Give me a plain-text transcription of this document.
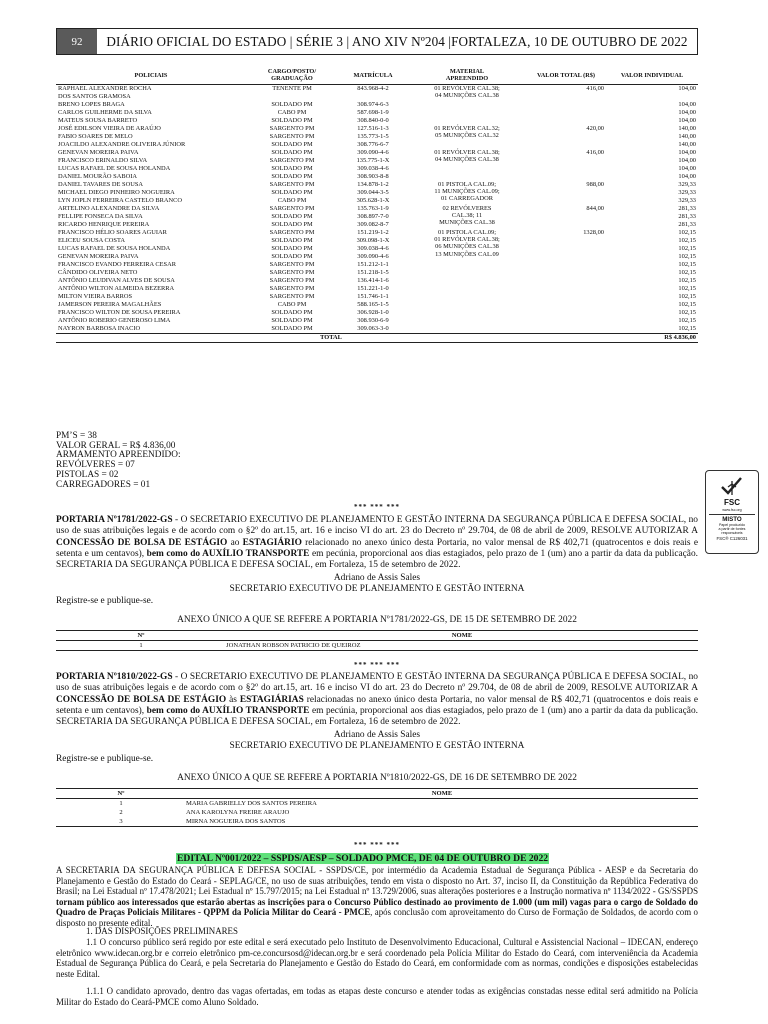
92	DIÁRIO OFICIAL DO ESTADO | SÉRIE 3 | ANO XIV Nº204 |FORTALEZA, 10 DE OUTUBRO DE 2022
POLICIAIS	CARGO/POSTO/
GRADUAÇÃO	MATRÍCULA	MATERIAL
APREENDIDO	VALOR TOTAL (R$)	VALOR INDIVIDUAL
RAPHAEL ALEXANDRE ROCHA	TENENTE PM	843.968-4-2	01 REVÓLVER CAL.38;
04 MUNIÇÕES CAL.38	416,00	104,00
DOS SANTOS GRAMOSA					
BRENO LOPES BRAGA	SOLDADO PM	308.974-6-3			104,00
CARLOS GUILHERME DA SILVA	CABO PM	587.698-1-9			104,00
MATEUS SOUSA BARRETO	SOLDADO PM	308.840-0-0			104,00
JOSÉ EDILSON VIEIRA DE ARAÚJO	SARGENTO PM	127.516-1-3	01 REVÓLVER CAL.32;
05 MUNIÇÕES CAL.32	420,00	140,00
FABIO SOARES DE MELO	SARGENTO PM	135.773-1-5			140,00
JOACILDO ALEXANDRE OLIVEIRA JÚNIOR	SOLDADO PM	308.776-6-7			140,00
GENEVAN MOREIRA PAIVA	SOLDADO PM	309.090-4-6	01 REVÓLVER CAL.38;
04 MUNIÇÕES CAL.38	416,00	104,00
FRANCISCO ERINALDO SILVA	SARGENTO PM	135.775-1-X			104,00
LUCAS RAFAEL DE SOUSA HOLANDA	SOLDADO PM	309.038-4-6			104,00
DANIEL MOURÃO SABOIA	SOLDADO PM	308.903-8-8			104,00
DANIEL TAVARES DE SOUSA	SARGENTO PM	134.878-1-2	01 PISTOLA CAL.09;
11 MUNIÇÕES CAL.09;
01 CARREGADOR	988,00	329,33
MICHAEL DIEGO PINHEIRO NOGUEIRA	SOLDADO PM	309.044-3-5			329,33
LYN JOPLN FERREIRA CASTELO BRANCO	CABO PM	305.628-1-X			329,33
ARTELINO ALEXANDRE DA SILVA	SARGENTO PM	135.763-1-9	02 REVÓLVERES
CAL.38; 11
MUNIÇÕES CAL.38	844,00	281,33
FELLIPE FONSECA DA SILVA	SOLDADO PM	308.897-7-0			281,33
RICARDO HENRIQUE PEREIRA	SOLDADO PM	309.082-8-7			281,33
FRANCISCO HÉLIO SOARES AGUIAR	SARGENTO PM	151.219-1-2	01 PISTOLA CAL.09;
01 REVÓLVER CAL.38;
06 MUNIÇÕES CAL.38
13 MUNIÇÕES CAL.09	1328,00	102,15
ELICEU SOUSA COSTA	SOLDADO PM	309.098-1-X			102,15
LUCAS RAFAEL DE SOUSA HOLANDA	SOLDADO PM	309.038-4-6			102,15
GENEVAN MOREIRA PAIVA	SOLDADO PM	309.090-4-6			102,15
FRANCISCO EVANDO FERREIRA CESAR	SARGENTO PM	151.212-1-1			102,15
CÂNDIDO OLIVEIRA NETO	SARGENTO PM	151.218-1-5			102,15
ANTÔNIO LEUDIVAN ALVES DE SOUSA	SARGENTO PM	136.414-1-6			102,15
ANTÔNIO WILTON ALMEIDA BEZERRA	SARGENTO PM	151.221-1-0			102,15
MILTON VIEIRA BARROS	SARGENTO PM	151.746-1-1			102,15
JAMERSON PEREIRA MAGALHÃES	CABO PM	588.165-1-5			102,15
FRANCISCO WILTON DE SOUSA PEREIRA	SOLDADO PM	306.928-1-0			102,15
ANTÔNIO ROBERIO GENEROSO LIMA	SOLDADO PM	308.930-6-9			102,15
NAYRON BARBOSA INACIO	SOLDADO PM	309.063-3-0			102,15
TOTAL					R$ 4.836,00
PM’S = 38
VALOR GERAL = R$ 4.836,00
ARMAMENTO APREENDIDO:
REVÓLVERES = 07
PISTOLAS = 02
CARREGADORES = 01
FSC
www.fsc.org
MISTO
Papel produzido
a partir de fontes
responsáveis
FSC® C126031
*** *** ***
PORTARIA Nº1781/2022-GS - O SECRETARIO EXECUTIVO DE PLANEJAMENTO E GESTÃO INTERNA DA SEGURANÇA PÚBLICA E DEFESA SOCIAL, no uso de suas atribuições legais e de acordo com o §2º do art.15, art. 16 e inciso VI do art. 23 do Decreto nº 29.704, de 08 de abril de 2009, RESOLVE AUTORIZAR A CONCESSÃO DE BOLSA DE ESTÁGIO ao ESTAGIÁRIO relacionado no anexo único desta Portaria, no valor mensal de R$ 402,71 (quatrocentos e dois reais e setenta e um centavos), bem como do AUXÍLIO TRANSPORTE em pecúnia, proporcional aos dias estagiados, pelo prazo de 1 (um) ano a partir da data da publicação. SECRETARIA DA SEGURANÇA PÚBLICA E DEFESA SOCIAL, em Fortaleza, 15 de setembro de 2022.
Adriano de Assis Sales
SECRETARIO EXECUTIVO DE PLANEJAMENTO E GESTÃO INTERNA
Registre-se e publique-se.
ANEXO ÚNICO A QUE SE REFERE A PORTARIA Nº1781/2022-GS, DE 15 DE SETEMBRO DE 2022
Nº	NOME
1	JONATHAN ROBSON PATRICIO DE QUEIROZ
*** *** ***
PORTARIA Nº1810/2022-GS - O SECRETARIO EXECUTIVO DE PLANEJAMENTO E GESTÃO INTERNA DA SEGURANÇA PÚBLICA E DEFESA SOCIAL, no uso de suas atribuições legais e de acordo com o §2º do art.15, art. 16 e inciso VI do art. 23 do Decreto nº 29.704, de 08 de abril de 2009, RESOLVE AUTORIZAR A CONCESSÃO DE BOLSA DE ESTÁGIO às ESTAGIÁRIAS relacionadas no anexo único desta Portaria, no valor mensal de R$ 402,71 (quatrocentos e dois reais e setenta e um centavos), bem como do AUXÍLIO TRANSPORTE em pecúnia, proporcional aos dias estagiados, pelo prazo de 1 (um) ano a partir da data da publicação. SECRETARIA DA SEGURANÇA PÚBLICA E DEFESA SOCIAL, em Fortaleza, 16 de setembro de 2022.
Adriano de Assis Sales
SECRETARIO EXECUTIVO DE PLANEJAMENTO E GESTÃO INTERNA
Registre-se e publique-se.
ANEXO ÚNICO A QUE SE REFERE A PORTARIA Nº1810/2022-GS, DE 16 DE SETEMBRO DE 2022
Nº	NOME
1	MARIA GABRIELLY DOS SANTOS PEREIRA
2	ANA KAROLYNA FREIRE ARAUJO
3	MIRNA NOGUEIRA DOS SANTOS
*** *** ***
EDITAL Nº001/2022 – SSPDS/AESP – SOLDADO PMCE, DE 04 DE OUTUBRO DE 2022
A SECRETARIA DA SEGURANÇA PÚBLICA E DEFESA SOCIAL - SSPDS/CE, por intermédio da Academia Estadual de Segurança Pública - AESP e da Secretaria do Planejamento e Gestão do Estado do Ceará - SEPLAG/CE, no uso de suas atribuições, tendo em vista o disposto no Art. 37, inciso II, da Constituição da República Federativa do Brasil; na Lei Estadual nº 17.478/2021; Lei Estadual nº 15.797/2015; na Lei Estadual nº 13.729/2006, suas alterações posteriores e a Instrução normativa nº 1134/2022 - GS/SSPDS tornam público aos interessados que estarão abertas as inscrições para o Concurso Público destinado ao provimento de 1.000 (um mil) vagas para o cargo de Soldado do Quadro de Praças Policiais Militares - QPPM da Polícia Militar do Ceará - PMCE, após conclusão com aproveitamento do Curso de Formação de Soldados, de acordo com o disposto no presente edital.
1. DAS DISPOSIÇÕES PRELIMINARES
1.1 O concurso público será regido por este edital e será executado pelo Instituto de Desenvolvimento Educacional, Cultural e Assistencial Nacional – IDECAN, endereço eletrônico www.idecan.org.br e correio eletrônico pm-ce.concursosd@idecan.org.br e será coordenado pela Polícia Militar do Estado do Ceará, com interveniência da Academia Estadual de Segurança Pública do Ceará, e pela Secretaria do Planejamento e Gestão do Estado do Ceará, em conformidade com as normas, condições e disposições estabelecidas neste Edital.
1.1.1 O candidato aprovado, dentro das vagas ofertadas, em todas as etapas deste concurso e atender todas as exigências constadas nesse edital será admitido na Polícia Militar do Estado do Ceará-PMCE como Aluno Soldado.
